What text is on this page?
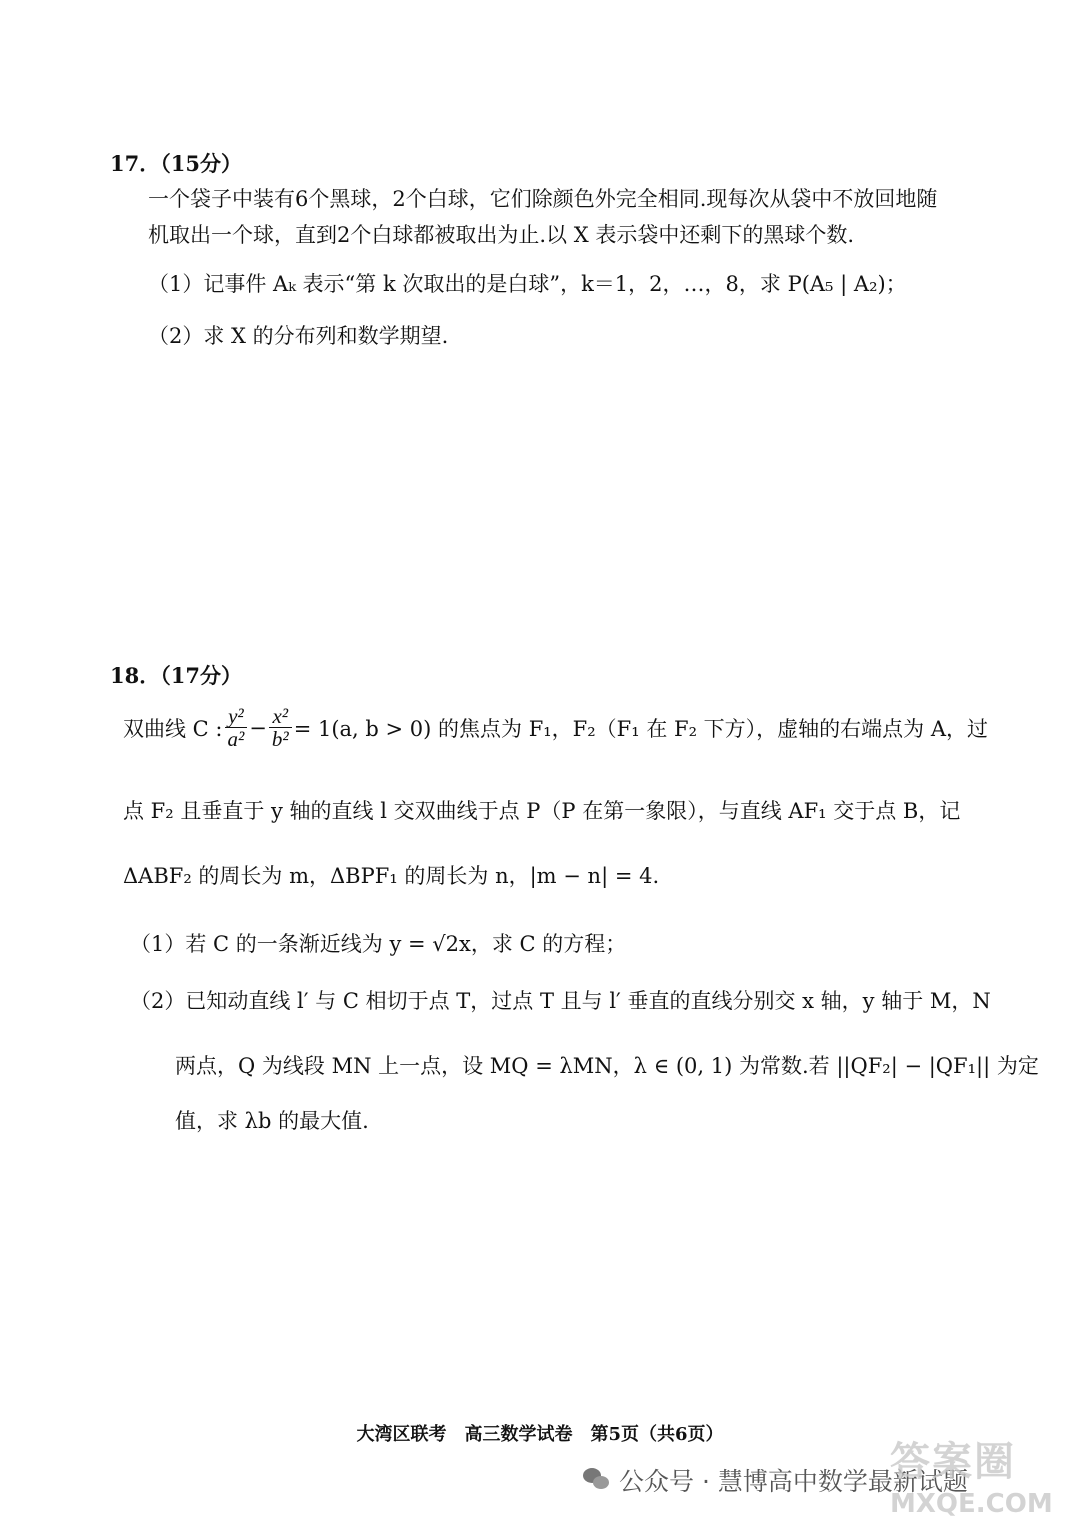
17．（15分）
一个袋子中装有6个黑球，2个白球，它们除颜色外完全相同.现每次从袋中不放回地随
机取出一个球，直到2个白球都被取出为止.以 X 表示袋中还剩下的黑球个数.
（1）记事件 Aₖ 表示“第 k 次取出的是白球”，k＝1，2，…，8，求 P(A₅ | A₂)；
（2）求 X 的分布列和数学期望.
18．（17分）
双曲线 C : $\frac{\text{y²}}{\text{a²}} - \frac{\text{x²}}{\text{b²}} = 1(a$, b > 0) 的焦点为 F₁，F₂（F₁ 在 F₂ 下方），虚轴的右端点为 A，过
点 F₂ 且垂直于 y 轴的直线 l 交双曲线于点 P（P 在第一象限），与直线 AF₁ 交于点 B，记
ΔABF₂ 的周长为 m，ΔBPF₁ 的周长为 n，|m − n| = 4.
（1）若 C 的一条渐近线为 y = √2x，求 C 的方程；
（2）已知动直线 l′ 与 C 相切于点 T，过点 T 且与 l′ 垂直的直线分别交 x 轴，y 轴于 M，N
两点，Q 为线段 MN 上一点，设 MQ = λMN，λ ∈ (0, 1) 为常数.若 ||QF₂| − |QF₁|| 为定
值，求 λb 的最大值.
大湾区联考　高三数学试卷　第5页（共6页）
公众号 · 慧博高中数学最新试题
答案圈
MXQE.COM
